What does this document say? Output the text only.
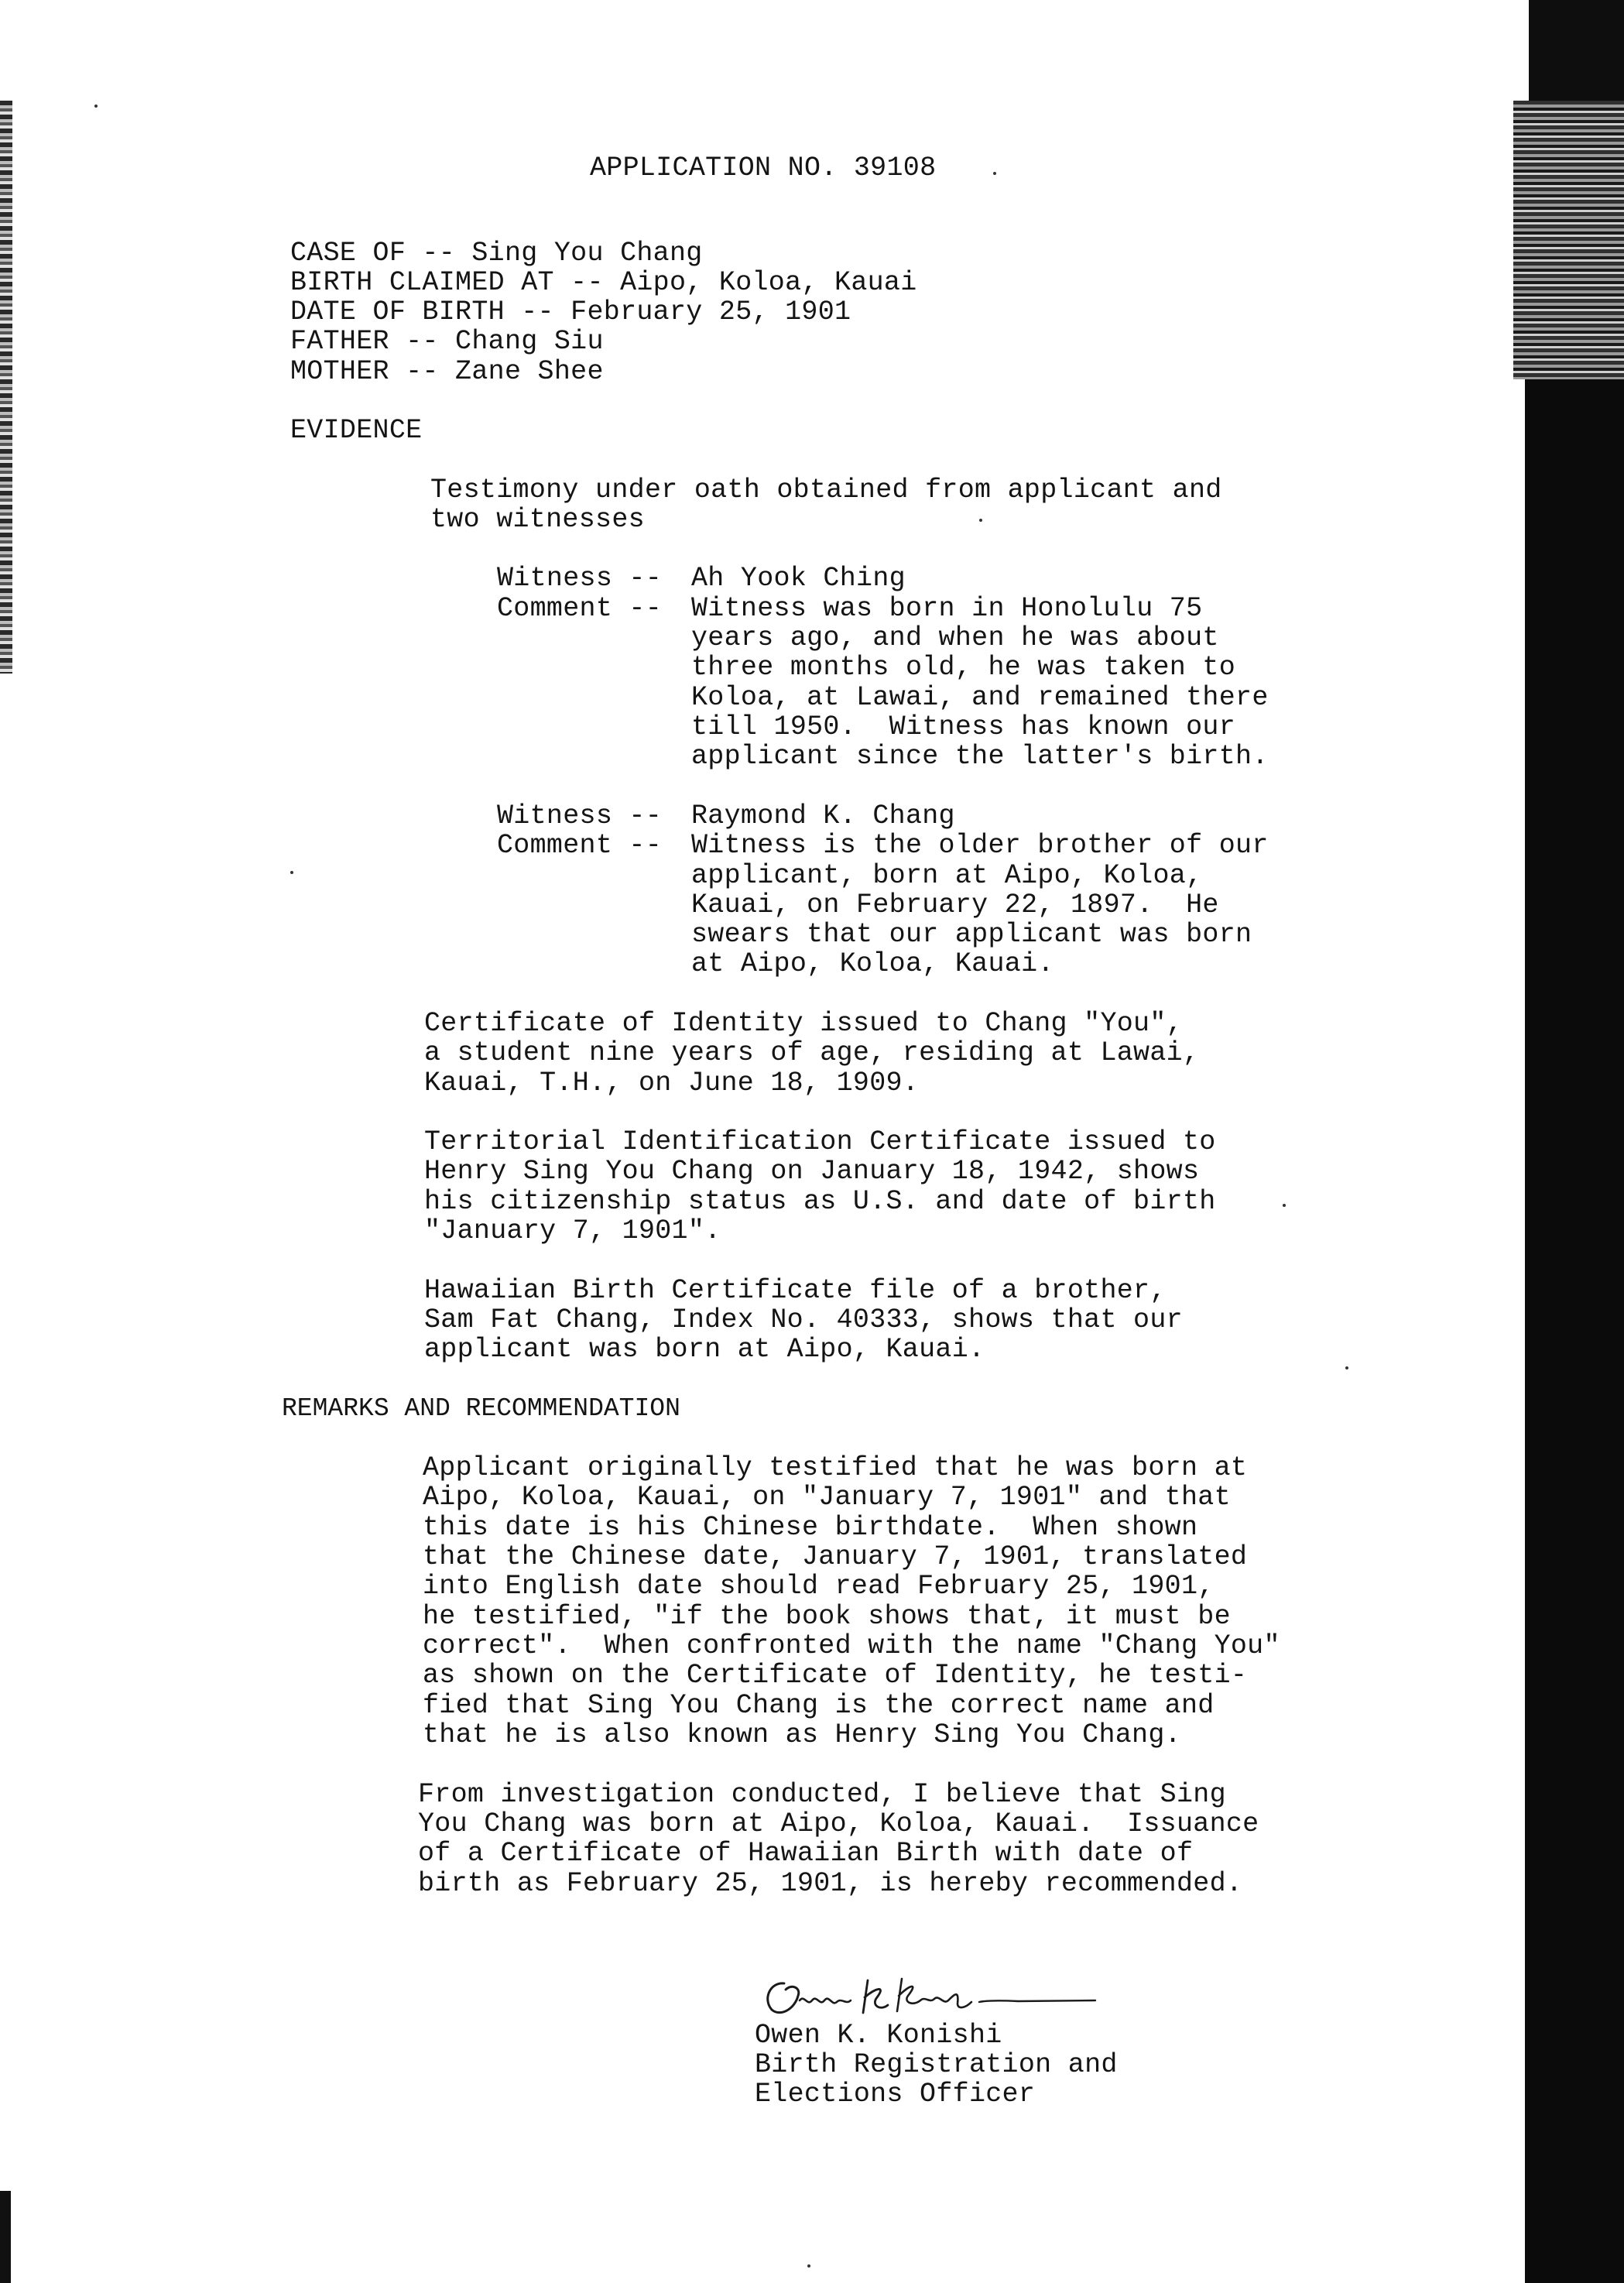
APPLICATION NO. 39108
CASE OF -- Sing You Chang
BIRTH CLAIMED AT -- Aipo, Koloa, Kauai
DATE OF BIRTH -- February 25, 1901
FATHER -- Chang Siu
MOTHER -- Zane Shee
EVIDENCE
Testimony under oath obtained from applicant and
two witnesses
Witness -- Ah Yook Ching
Comment -- Witness was born in Honolulu 75
years ago, and when he was about
three months old, he was taken to
Koloa, at Lawai, and remained there
till 1950.  Witness has known our
applicant since the latter's birth.
Witness -- Raymond K. Chang
Comment -- Witness is the older brother of our
applicant, born at Aipo, Koloa,
Kauai, on February 22, 1897.  He
swears that our applicant was born
at Aipo, Koloa, Kauai.
Certificate of Identity issued to Chang "You",
a student nine years of age, residing at Lawai,
Kauai, T.H., on June 18, 1909.
Territorial Identification Certificate issued to
Henry Sing You Chang on January 18, 1942, shows
his citizenship status as U.S. and date of birth
"January 7, 1901".
Hawaiian Birth Certificate file of a brother,
Sam Fat Chang, Index No. 40333, shows that our
applicant was born at Aipo, Kauai.
REMARKS AND RECOMMENDATION
Applicant originally testified that he was born at
Aipo, Koloa, Kauai, on "January 7, 1901" and that
this date is his Chinese birthdate.  When shown
that the Chinese date, January 7, 1901, translated
into English date should read February 25, 1901,
he testified, "if the book shows that, it must be
correct".  When confronted with the name "Chang You"
as shown on the Certificate of Identity, he testi-
fied that Sing You Chang is the correct name and
that he is also known as Henry Sing You Chang.
From investigation conducted, I believe that Sing
You Chang was born at Aipo, Koloa, Kauai.  Issuance
of a Certificate of Hawaiian Birth with date of
birth as February 25, 1901, is hereby recommended.
Owen K. Konishi
Birth Registration and
Elections Officer
